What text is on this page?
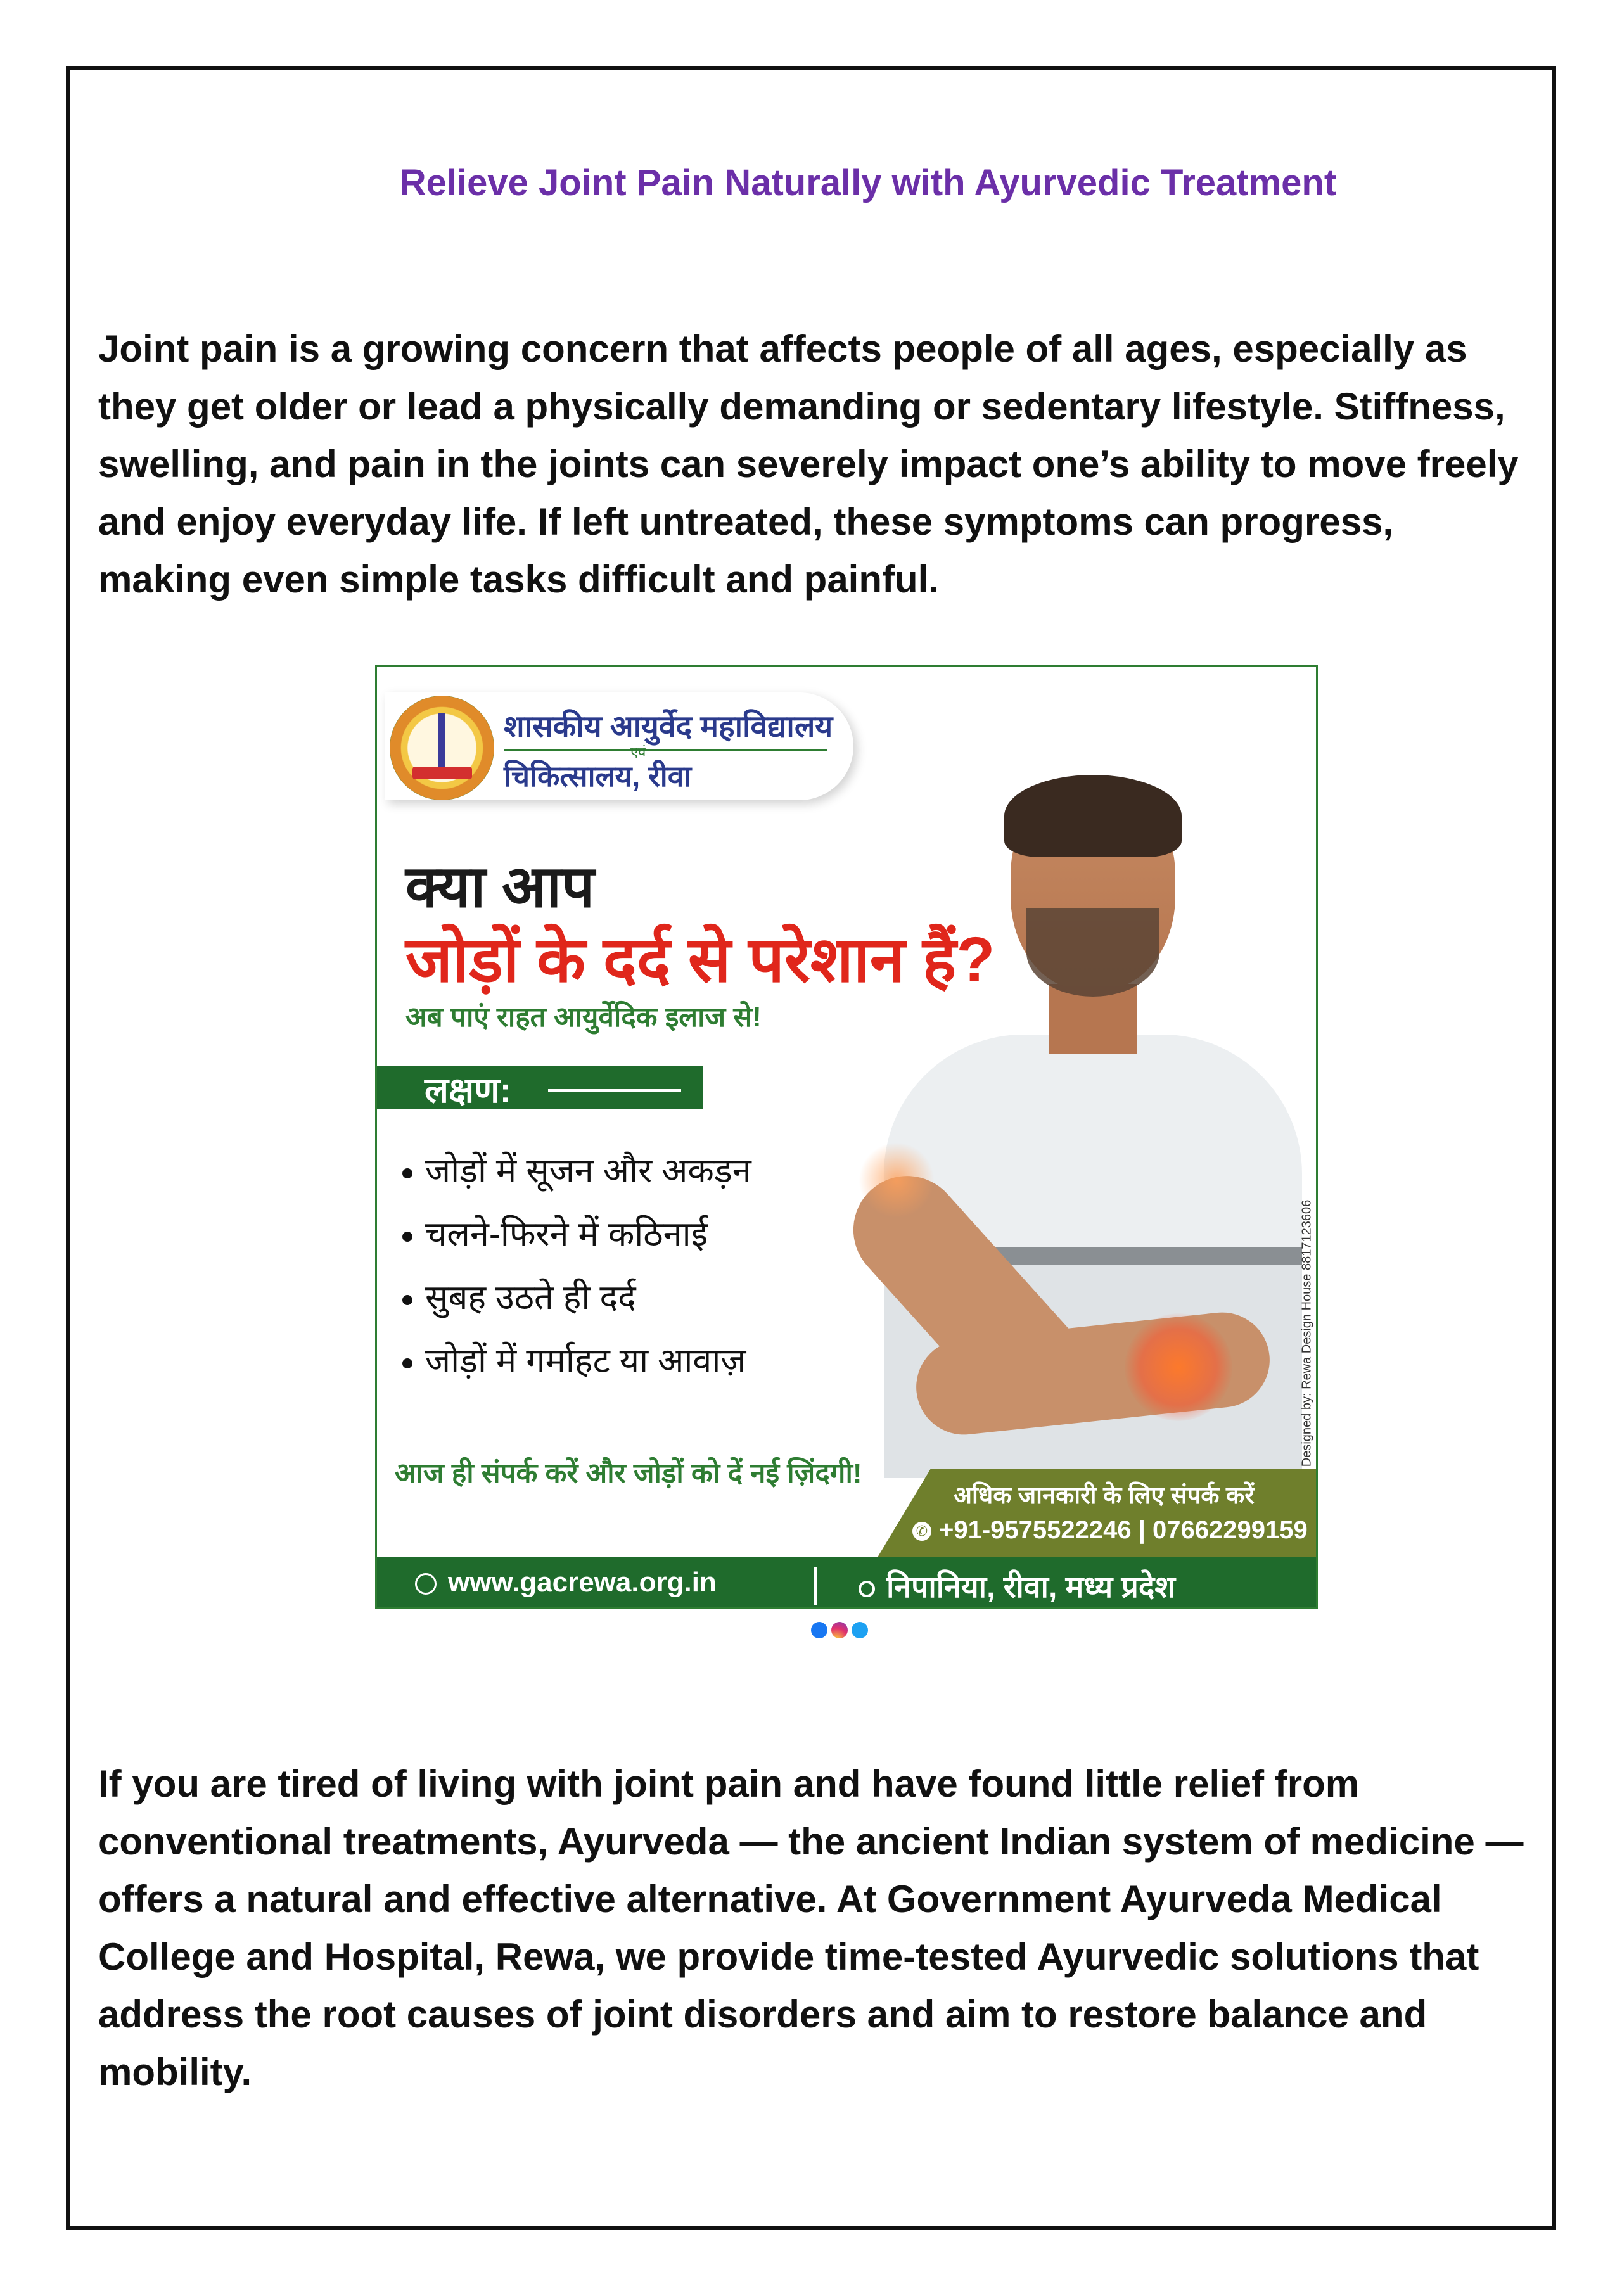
Relieve Joint Pain Naturally with Ayurvedic Treatment

Joint pain is a growing concern that affects people of all ages, especially as they get older or lead a physically demanding or sedentary lifestyle. Stiffness, swelling, and pain in the joints can severely impact one’s ability to move freely and enjoy everyday life. If left untreated, these symptoms can progress, making even simple tasks difficult and painful.

शासकीय आयुर्वेद महाविद्यालय
एवं
चिकित्सालय, रीवा
क्या आप
जोड़ों के दर्द से परेशान हैं?
अब पाएं राहत आयुर्वेदिक इलाज से!
लक्षण:
जोड़ों में सूजन और अकड़न
चलने-फिरने में कठिनाई
सुबह उठते ही दर्द
जोड़ों में गर्माहट या आवाज़
आज ही संपर्क करें और जोड़ों को दें नई ज़िंदगी!
Designed by: Rewa Design House 8817123606
अधिक जानकारी के लिए संपर्क करें
✆ +91-9575522246 | 07662299159
www.gacrewa.org.in	निपानिया, रीवा, मध्य प्रदेश

If you are tired of living with joint pain and have found little relief from conventional treatments, Ayurveda — the ancient Indian system of medicine — offers a natural and effective alternative. At Government Ayurveda Medical College and Hospital, Rewa, we provide time-tested Ayurvedic solutions that address the root causes of joint disorders and aim to restore balance and mobility.
